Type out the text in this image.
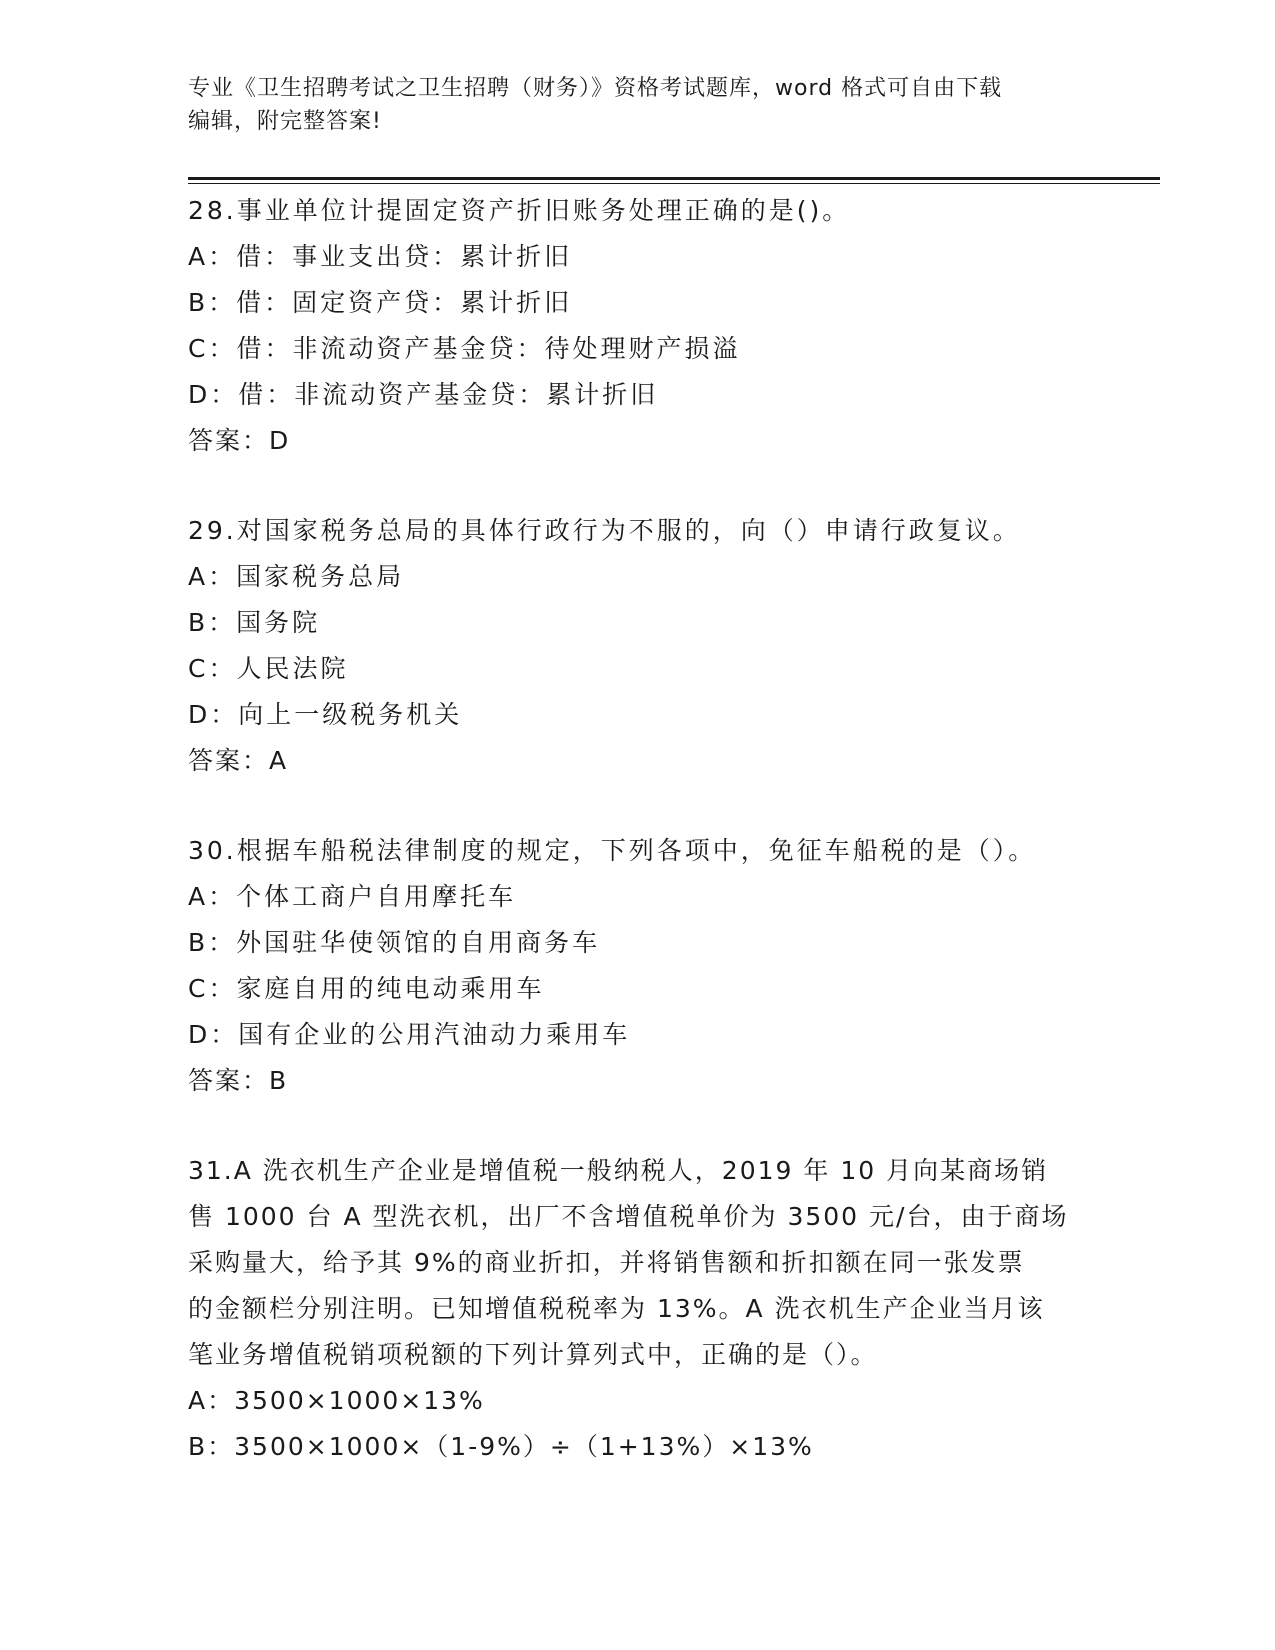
专业《卫生招聘考试之卫生招聘（财务）》资格考试题库，word 格式可自由下载
编辑，附完整答案!
28.事业单位计提固定资产折旧账务处理正确的是()。
A：借：事业支出贷：累计折旧
B：借：固定资产贷：累计折旧
C：借：非流动资产基金贷：待处理财产损溢
D：借：非流动资产基金贷：累计折旧
答案：D
29.对国家税务总局的具体行政行为不服的，向（）申请行政复议。
A：国家税务总局
B：国务院
C：人民法院
D：向上一级税务机关
答案：A
30.根据车船税法律制度的规定，下列各项中，免征车船税的是（）。
A：个体工商户自用摩托车
B：外国驻华使领馆的自用商务车
C：家庭自用的纯电动乘用车
D：国有企业的公用汽油动力乘用车
答案：B
31.A 洗衣机生产企业是增值税一般纳税人，2019 年 10 月向某商场销
售 1000 台 A 型洗衣机，出厂不含增值税单价为 3500 元/台，由于商场
采购量大，给予其 9%的商业折扣，并将销售额和折扣额在同一张发票
的金额栏分别注明。已知增值税税率为 13%。A 洗衣机生产企业当月该
笔业务增值税销项税额的下列计算列式中，正确的是（）。
A：3500×1000×13%
B：3500×1000×（1-9%）÷（1+13%）×13%
